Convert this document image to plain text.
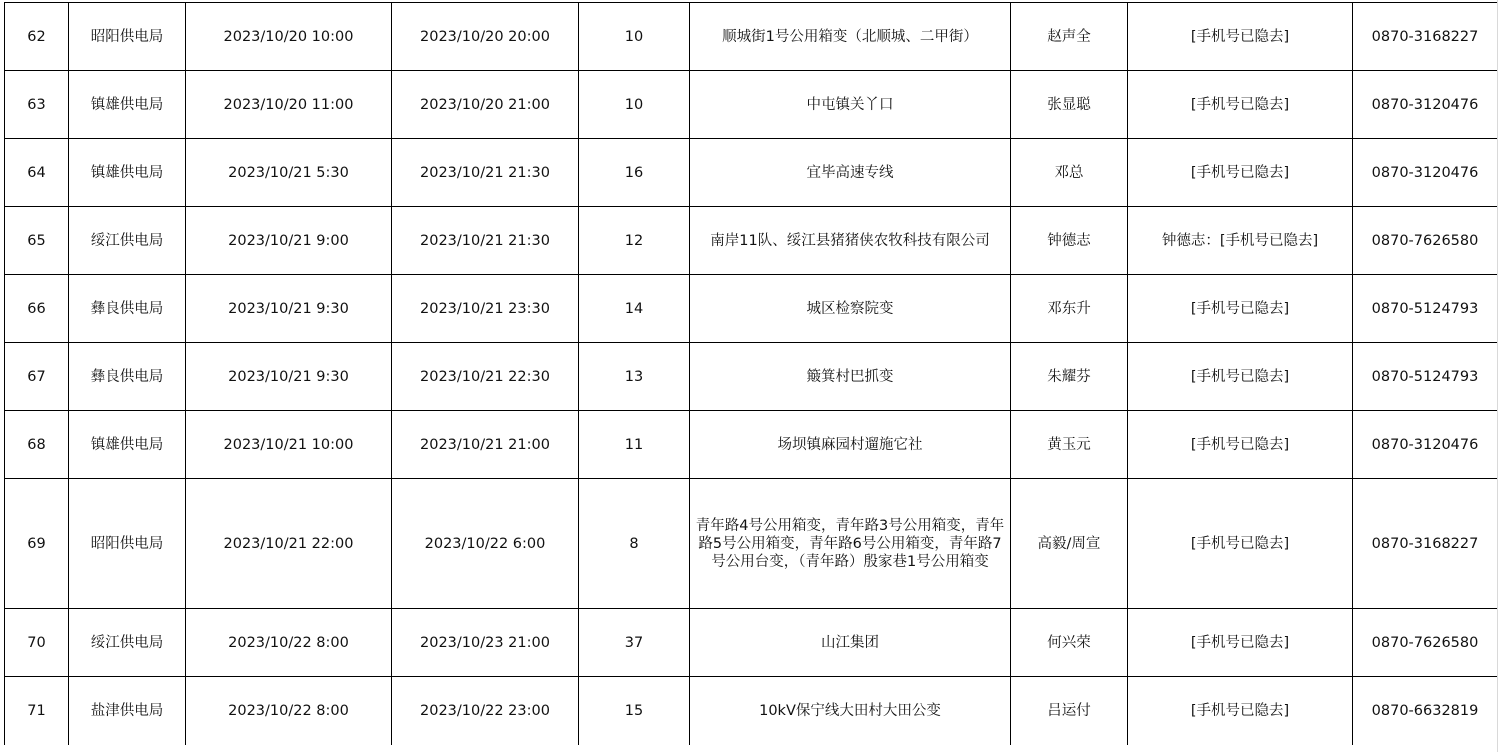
62	昭阳供电局	2023/10/20 10:00	2023/10/20 20:00	10	顺城街1号公用箱变（北顺城、二甲街）	赵声全	[手机号已隐去]	0870-3168227
63	镇雄供电局	2023/10/20 11:00	2023/10/20 21:00	10	中屯镇关丫口	张显聪	[手机号已隐去]	0870-3120476
64	镇雄供电局	2023/10/21 5:30	2023/10/21 21:30	16	宜毕高速专线	邓总	[手机号已隐去]	0870-3120476
65	绥江供电局	2023/10/21 9:00	2023/10/21 21:30	12	南岸11队、绥江县猪猪侠农牧科技有限公司	钟德志	钟德志：[手机号已隐去]	0870-7626580
66	彝良供电局	2023/10/21 9:30	2023/10/21 23:30	14	城区检察院变	邓东升	[手机号已隐去]	0870-5124793
67	彝良供电局	2023/10/21 9:30	2023/10/21 22:30	13	簸箕村巴抓变	朱耀芬	[手机号已隐去]	0870-5124793
68	镇雄供电局	2023/10/21 10:00	2023/10/21 21:00	11	场坝镇麻园村遛施它社	黄玉元	[手机号已隐去]	0870-3120476
69	昭阳供电局	2023/10/21 22:00	2023/10/22 6:00	8	青年路4号公用箱变，青年路3号公用箱变，青年路5号公用箱变，青年路6号公用箱变，青年路7号公用台变，（青年路）殷家巷1号公用箱变	高毅/周宣	[手机号已隐去]	0870-3168227
70	绥江供电局	2023/10/22 8:00	2023/10/23 21:00	37	山江集团	何兴荣	[手机号已隐去]	0870-7626580
71	盐津供电局	2023/10/22 8:00	2023/10/22 23:00	15	10kV保宁线大田村大田公变	吕运付	[手机号已隐去]	0870-6632819
